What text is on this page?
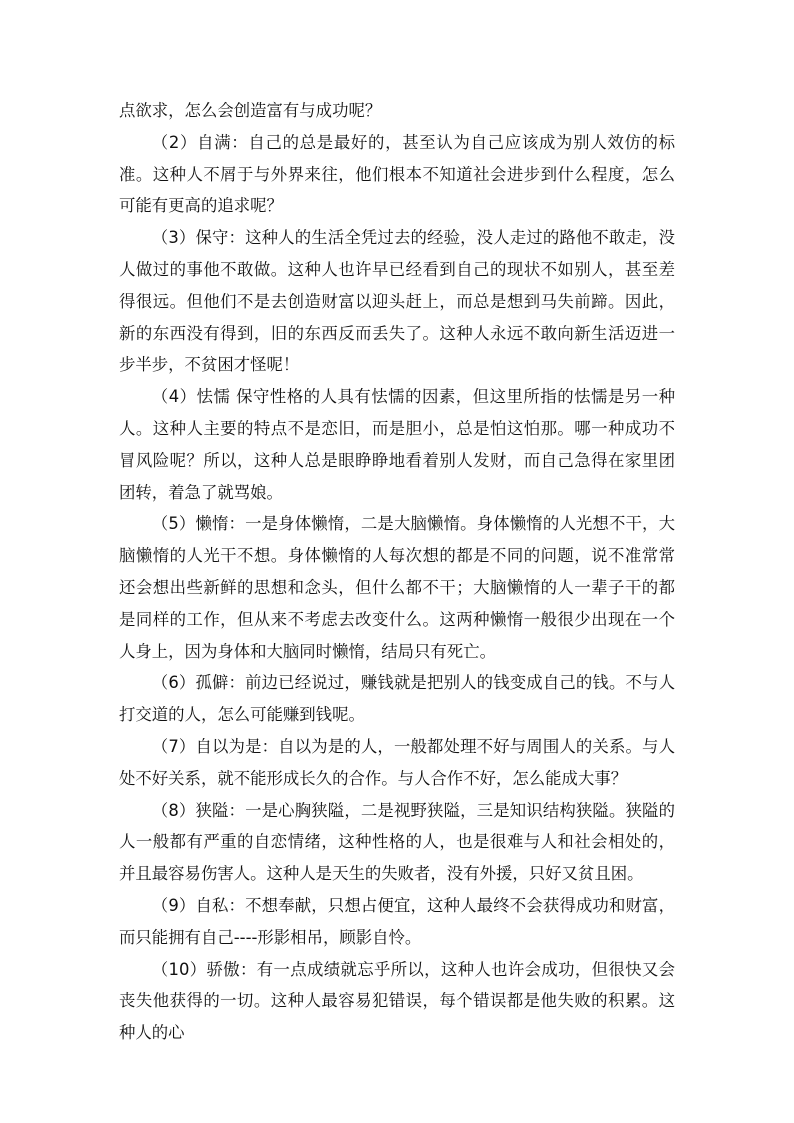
点欲求，怎么会创造富有与成功呢？

（2）自满：自己的总是最好的，甚至认为自己应该成为别人效仿的标准。这种人不屑于与外界来往，他们根本不知道社会进步到什么程度，怎么可能有更高的追求呢？

（3）保守：这种人的生活全凭过去的经验，没人走过的路他不敢走，没人做过的事他不敢做。这种人也许早已经看到自己的现状不如别人，甚至差得很远。但他们不是去创造财富以迎头赶上，而总是想到马失前蹄。因此，新的东西没有得到，旧的东西反而丢失了。这种人永远不敢向新生活迈进一步半步，不贫困才怪呢！

（4）怯懦 保守性格的人具有怯懦的因素，但这里所指的怯懦是另一种人。这种人主要的特点不是恋旧，而是胆小，总是怕这怕那。哪一种成功不冒风险呢？所以，这种人总是眼睁睁地看着别人发财，而自己急得在家里团团转，着急了就骂娘。

（5）懒惰：一是身体懒惰，二是大脑懒惰。身体懒惰的人光想不干，大脑懒惰的人光干不想。身体懒惰的人每次想的都是不同的问题，说不准常常还会想出些新鲜的思想和念头，但什么都不干；大脑懒惰的人一辈子干的都是同样的工作，但从来不考虑去改变什么。这两种懒惰一般很少出现在一个人身上，因为身体和大脑同时懒惰，结局只有死亡。

（6）孤僻：前边已经说过，赚钱就是把别人的钱变成自己的钱。不与人打交道的人，怎么可能赚到钱呢。

（7）自以为是：自以为是的人，一般都处理不好与周围人的关系。与人处不好关系，就不能形成长久的合作。与人合作不好，怎么能成大事？

（8）狭隘：一是心胸狭隘，二是视野狭隘，三是知识结构狭隘。狭隘的人一般都有严重的自恋情绪，这种性格的人，也是很难与人和社会相处的，并且最容易伤害人。这种人是天生的失败者，没有外援，只好又贫且困。

（9）自私：不想奉献，只想占便宜，这种人最终不会获得成功和财富，而只能拥有自己----形影相吊，顾影自怜。

（10）骄傲：有一点成绩就忘乎所以，这种人也许会成功，但很快又会丧失他获得的一切。这种人最容易犯错误，每个错误都是他失败的积累。这种人的心
